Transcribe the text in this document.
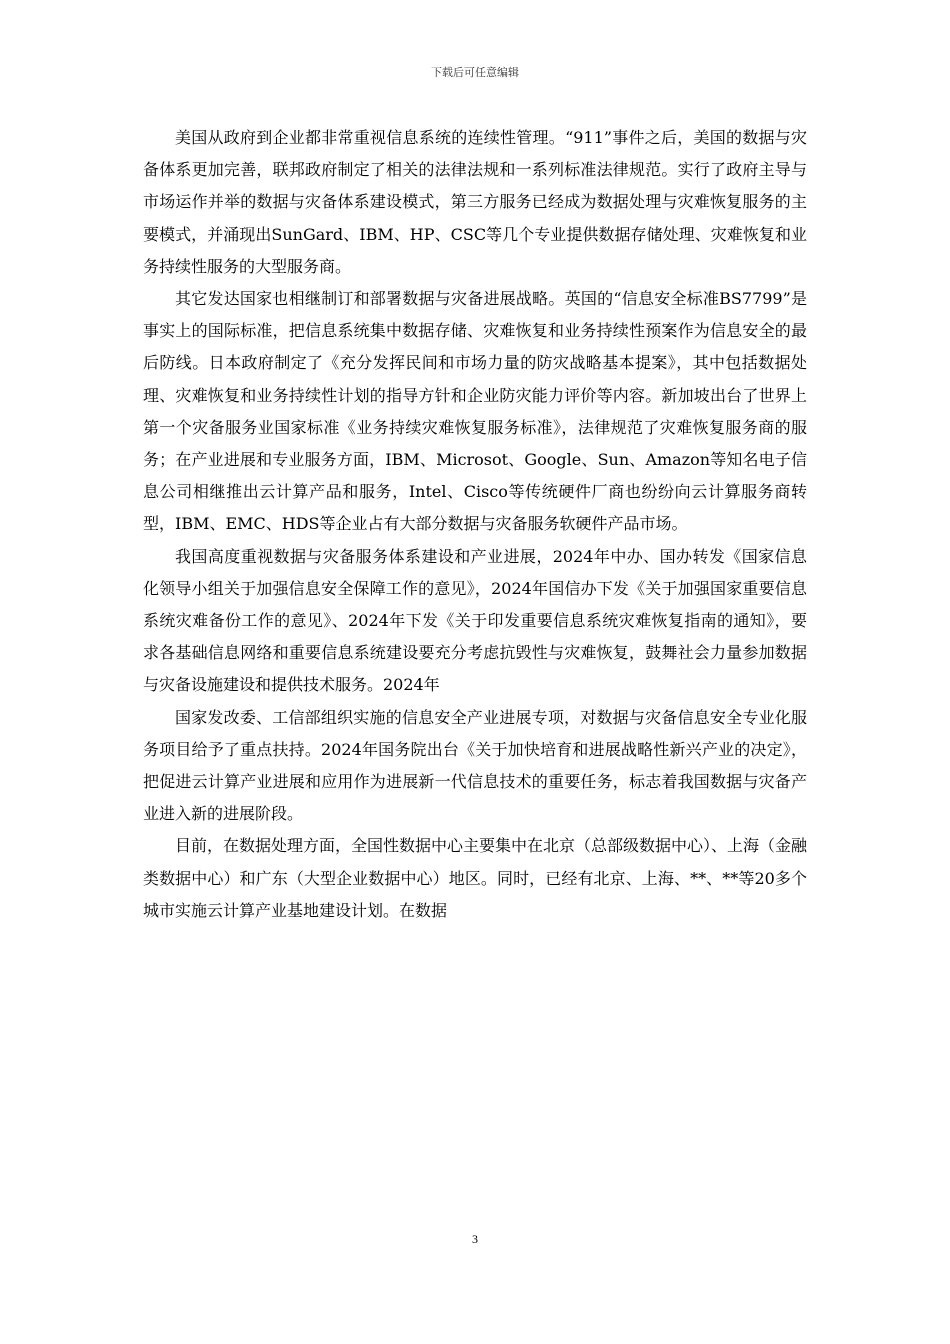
下载后可任意编辑

美国从政府到企业都非常重视信息系统的连续性管理。“911”事件之后，美国的数据与灾备体系更加完善，联邦政府制定了相关的法律法规和一系列标准法律规范。实行了政府主导与市场运作并举的数据与灾备体系建设模式，第三方服务已经成为数据处理与灾难恢复服务的主要模式，并涌现出SunGard、IBM、HP、CSC等几个专业提供数据存储处理、灾难恢复和业务持续性服务的大型服务商。

其它发达国家也相继制订和部署数据与灾备进展战略。英国的“信息安全标准BS7799”是事实上的国际标准，把信息系统集中数据存储、灾难恢复和业务持续性预案作为信息安全的最后防线。日本政府制定了《充分发挥民间和市场力量的防灾战略基本提案》，其中包括数据处理、灾难恢复和业务持续性计划的指导方针和企业防灾能力评价等内容。新加坡出台了世界上第一个灾备服务业国家标准《业务持续灾难恢复服务标准》，法律规范了灾难恢复服务商的服务；在产业进展和专业服务方面，IBM、Microsot、Google、Sun、Amazon等知名电子信息公司相继推出云计算产品和服务，Intel、Cisco等传统硬件厂商也纷纷向云计算服务商转型，IBM、EMC、HDS等企业占有大部分数据与灾备服务软硬件产品市场。

我国高度重视数据与灾备服务体系建设和产业进展，2024年中办、国办转发《国家信息化领导小组关于加强信息安全保障工作的意见》，2024年国信办下发《关于加强国家重要信息系统灾难备份工作的意见》、2024年下发《关于印发重要信息系统灾难恢复指南的通知》，要求各基础信息网络和重要信息系统建设要充分考虑抗毁性与灾难恢复，鼓舞社会力量参加数据与灾备设施建设和提供技术服务。2024年

国家发改委、工信部组织实施的信息安全产业进展专项，对数据与灾备信息安全专业化服务项目给予了重点扶持。2024年国务院出台《关于加快培育和进展战略性新兴产业的决定》，把促进云计算产业进展和应用作为进展新一代信息技术的重要任务，标志着我国数据与灾备产业进入新的进展阶段。

目前，在数据处理方面，全国性数据中心主要集中在北京（总部级数据中心）、上海（金融类数据中心）和广东（大型企业数据中心）地区。同时，已经有北京、上海、**、**等20多个城市实施云计算产业基地建设计划。在数据

3
